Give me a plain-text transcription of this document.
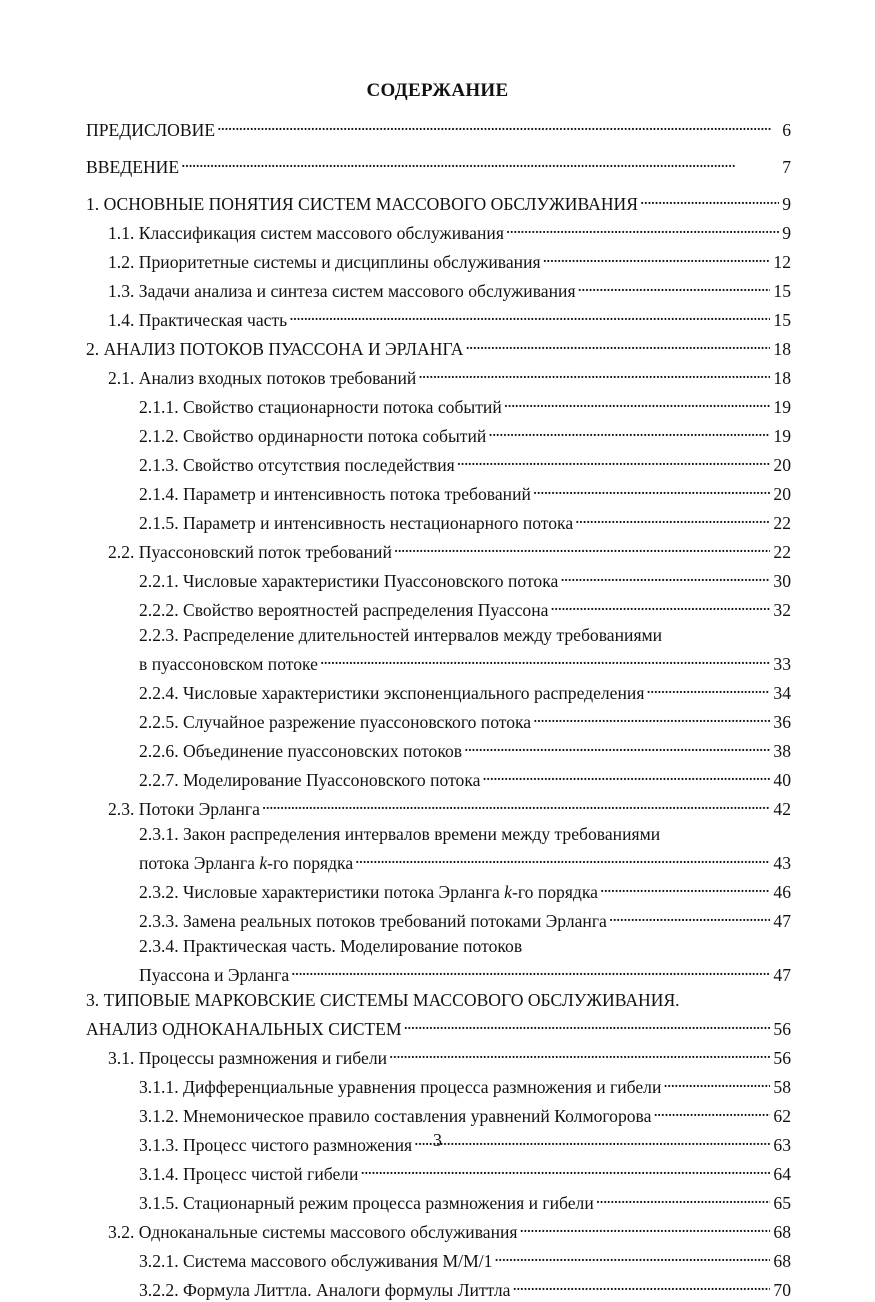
СОДЕРЖАНИЕ
ПРЕДИСЛОВИЕ . . .	6
ВВЕДЕНИЕ . . .	7
1. ОСНОВНЫЕ ПОНЯТИЯ СИСТЕМ МАССОВОГО ОБСЛУЖИВАНИЯ . . .	9
1.1. Классификация систем массового обслуживания . . .	9
1.2. Приоритетные системы и дисциплины обслуживания . . .	12
1.3. Задачи анализа и синтеза систем массового обслуживания . . .	15
1.4. Практическая часть . . .	15
2. АНАЛИЗ ПОТОКОВ ПУАССОНА И ЭРЛАНГА . . .	18
2.1. Анализ входных потоков требований . . .	18
2.1.1. Свойство стационарности потока событий . . .	19
2.1.2. Свойство ординарности потока событий . . .	19
2.1.3. Свойство отсутствия последействия . . .	20
2.1.4. Параметр и интенсивность потока требований . . .	20
2.1.5. Параметр и интенсивность нестационарного потока . . .	22
2.2. Пуассоновский поток требований . . .	22
2.2.1. Числовые характеристики Пуассоновского потока . . .	30
2.2.2. Свойство вероятностей распределения Пуассона . . .	32
2.2.3. Распределение длительностей интервалов между требованиями
в пуассоновском потоке . . .	33
2.2.4. Числовые характеристики экспоненциального распределения . . .	34
2.2.5. Случайное разрежение пуассоновского потока . . .	36
2.2.6. Объединение пуассоновских потоков . . .	38
2.2.7. Моделирование Пуассоновского потока . . .	40
2.3. Потоки Эрланга . . .	42
2.3.1. Закон распределения интервалов времени между требованиями
потока Эрланга k-го порядка . . .	43
2.3.2. Числовые характеристики потока Эрланга k-го порядка . . .	46
2.3.3. Замена реальных потоков требований потоками Эрланга . . .	47
2.3.4. Практическая часть. Моделирование потоков
Пуассона и Эрланга . . .	47
3. ТИПОВЫЕ МАРКОВСКИЕ СИСТЕМЫ МАССОВОГО ОБСЛУЖИВАНИЯ.
АНАЛИЗ ОДНОКАНАЛЬНЫХ СИСТЕМ . . .	56
3.1. Процессы размножения и гибели . . .	56
3.1.1. Дифференциальные уравнения процесса размножения и гибели . . .	58
3.1.2. Мнемоническое правило составления уравнений Колмогорова . . .	62
3.1.3. Процесс чистого размножения . . .	63
3.1.4. Процесс чистой гибели . . .	64
3.1.5. Стационарный режим процесса размножения и гибели . . .	65
3.2. Одноканальные системы массового обслуживания . . .	68
3.2.1. Система массового обслуживания М/М/1 . . .	68
3.2.2. Формула Литтла. Аналоги формулы Литтла . . .	70
3
